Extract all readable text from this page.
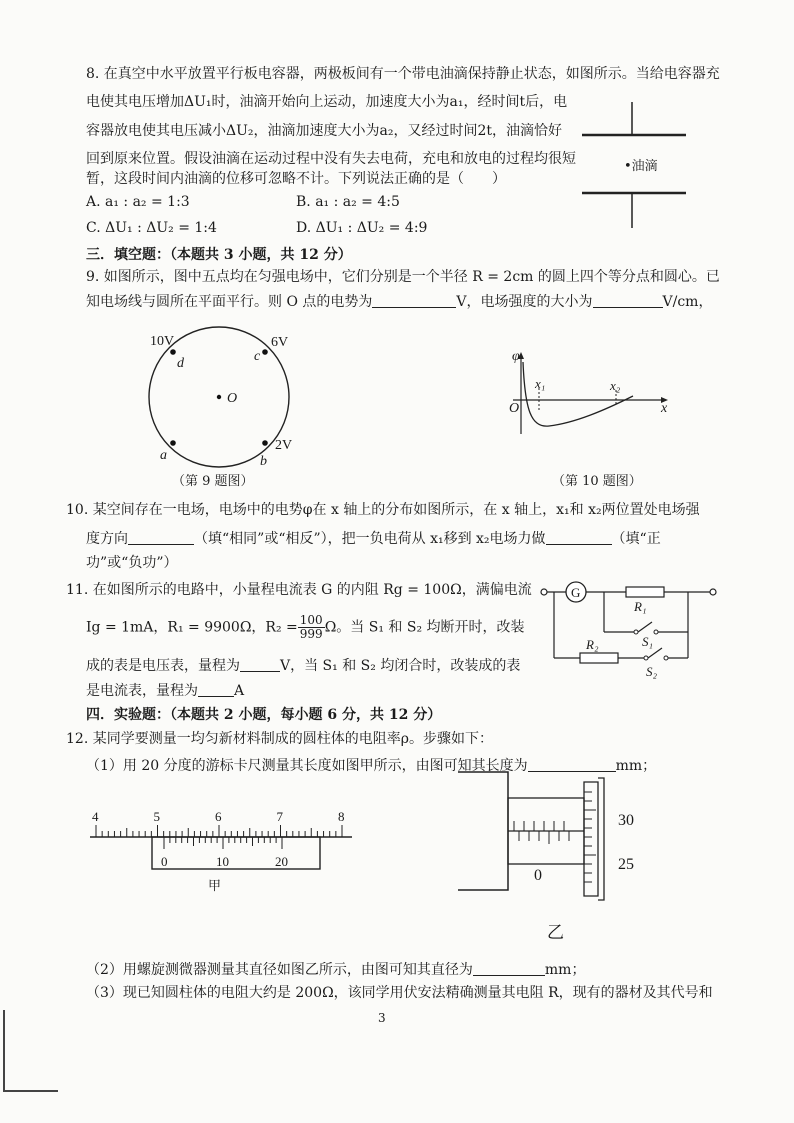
8. 在真空中水平放置平行板电容器，两极板间有一个带电油滴保持静止状态，如图所示。当给电容器充
电使其电压增加ΔU₁时，油滴开始向上运动，加速度大小为a₁，经时间t后，电
容器放电使其电压减小ΔU₂，油滴加速度大小为a₂，又经过时间2t，油滴恰好
回到原来位置。假设油滴在运动过程中没有失去电荷，充电和放电的过程均很短
暂，这段时间内油滴的位移可忽略不计。下列说法正确的是（　　）
A. a₁ : a₂ = 1:3	B. a₁ : a₂ = 4:5
C. ΔU₁ : ΔU₂ = 1:4	D. ΔU₁ : ΔU₂ = 4:9
•油滴
三．填空题：（本题共 3 小题，共 12 分）
9. 如图所示，图中五点均在匀强电场中，它们分别是一个半径 R = 2cm 的圆上四个等分点和圆心。已
知电场线与圆所在平面平行。则 O 点的电势为	V，电场强度的大小为	V/cm，
10V
d	c
6V
O
2V
a	b
（第 9 题图）
φ
x₁	x₂
O	x
（第 10 题图）
10. 某空间存在一电场，电场中的电势φ在 x 轴上的分布如图所示，在 x 轴上，x₁和 x₂两位置处电场强
度方向	（填“相同”或“相反”），把一负电荷从 x₁移到 x₂电场力做	（填“正
功”或“负功”）
11. 在如图所示的电路中，小量程电流表 G 的内阻 Rg = 100Ω，满偏电流
Ig = 1mA，R₁ = 9900Ω，$R_2 = \frac{100}{999}$ Ω。当 S₁ 和 S₂ 均断开时，改装
成的表是电压表，量程为	V，当 S₁ 和 S₂ 均闭合时，改装成的表
是电流表，量程为	A
G
R₁
S₁
R₂
S₂
四．实验题：（本题共 2 小题，每小题 6 分，共 12 分）
12. 某同学要测量一均匀新材料制成的圆柱体的电阻率ρ。步骤如下：
（1）用 20 分度的游标卡尺测量其长度如图甲所示，由图可知其长度为	mm；
4	5	6	7	8
0	10	20
甲
30
25
0
乙
（2）用螺旋测微器测量其直径如图乙所示，由图可知其直径为	mm；
（3）现已知圆柱体的电阻大约是 200Ω，该同学用伏安法精确测量其电阻 R，现有的器材及其代号和
3
